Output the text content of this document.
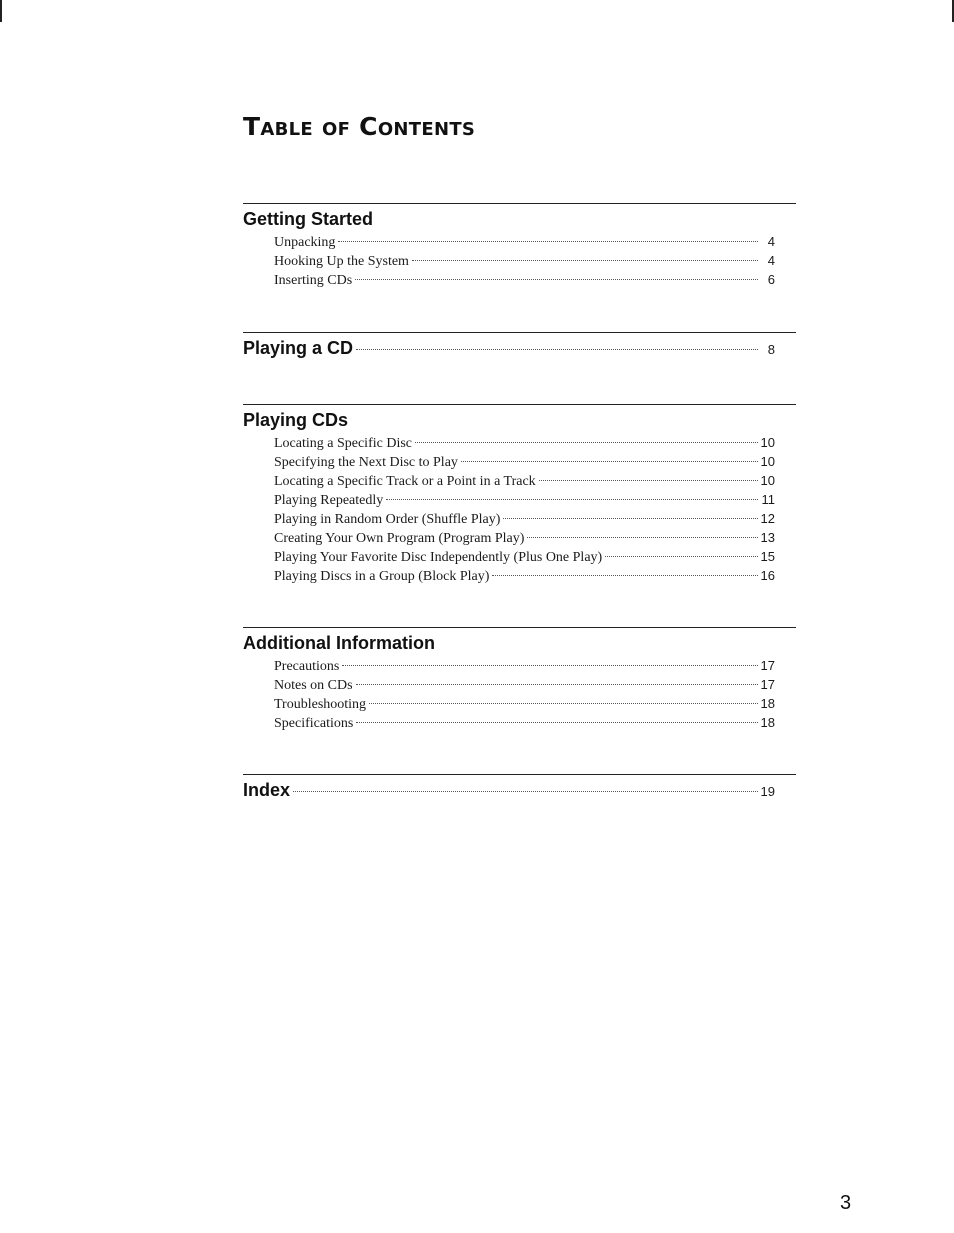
Table of Contents
Getting Started
Unpacking	4
Hooking Up the System	4
Inserting CDs	6
Playing a CD	8
Playing CDs
Locating a Specific Disc	10
Specifying the Next Disc to Play	10
Locating a Specific Track or a Point in a Track	10
Playing Repeatedly	11
Playing in Random Order (Shuffle Play)	12
Creating Your Own Program (Program Play)	13
Playing Your Favorite Disc Independently (Plus One Play)	15
Playing Discs in a Group (Block Play)	16
Additional Information
Precautions	17
Notes on CDs	17
Troubleshooting	18
Specifications	18
Index	19
3
